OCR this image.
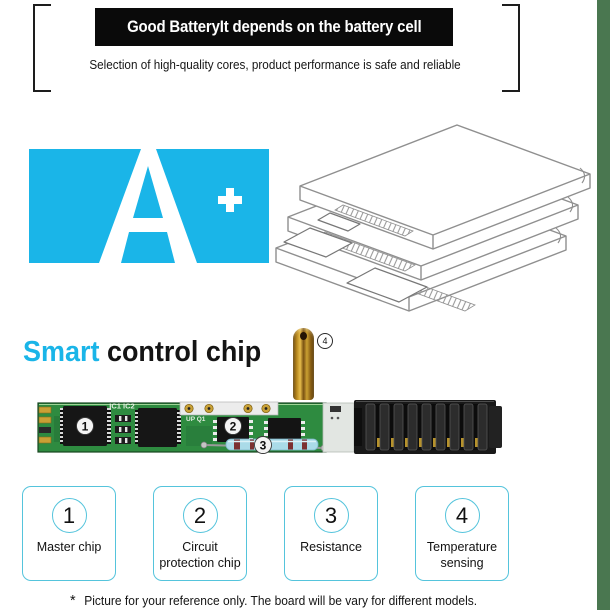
Good BatteryIt depends on the battery cell
Selection of high-quality cores, product performance is safe and reliable
Smart control chip	4
1
IC1 IC2
UP Q1 2
3
1
Master chip
2
Circuit protection chip
3
Resistance
4
Temperature sensing
* Picture for your reference only. The board will be vary for different models.
